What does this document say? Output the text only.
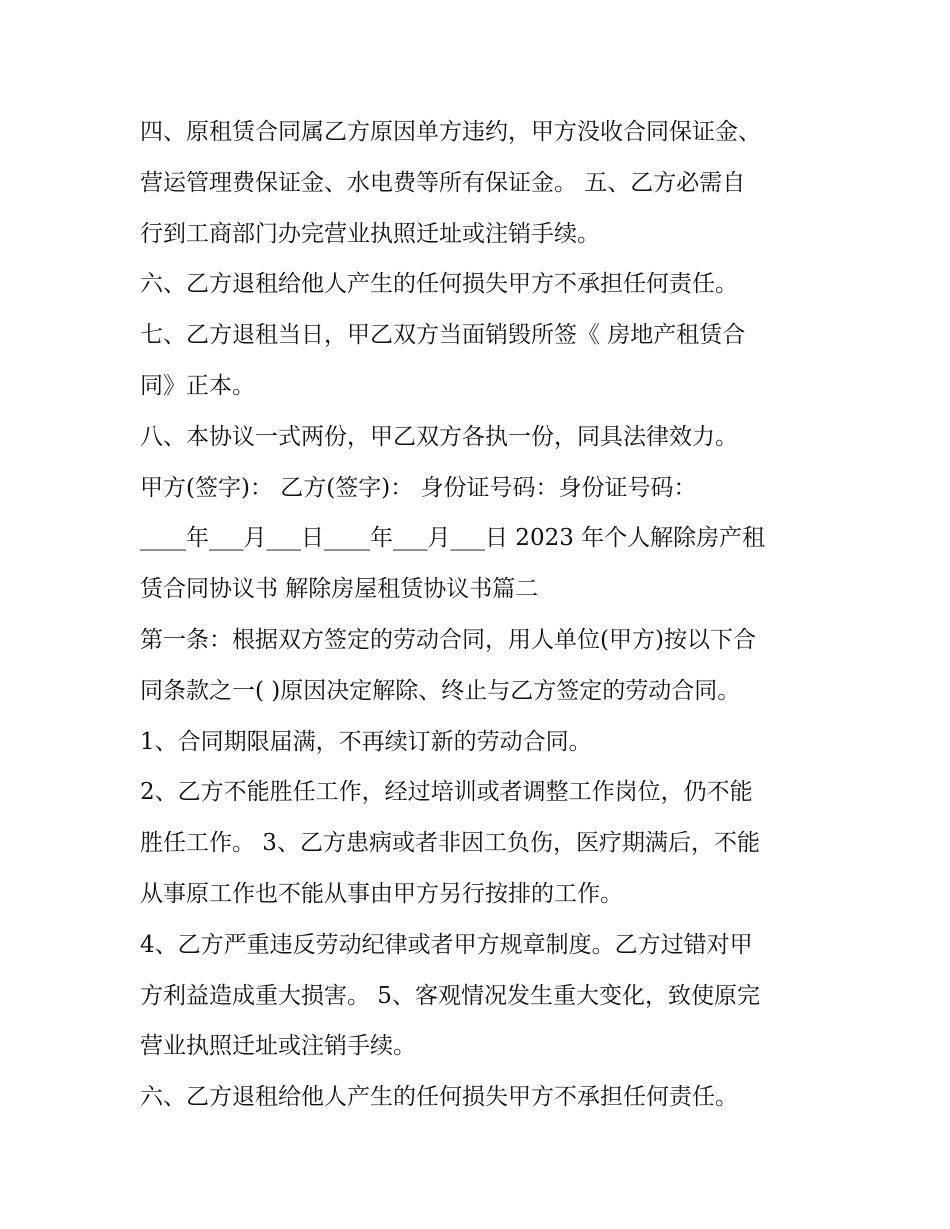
四、原租赁合同属乙方原因单方违约，甲方没收合同保证金、

营运管理费保证金、水电费等所有保证金。 五、乙方必需自

行到工商部门办完营业执照迁址或注销手续。

六、乙方退租给他人产生的任何损失甲方不承担任何责任。

七、乙方退租当日，甲乙双方当面销毁所签《 房地产租赁合

同》正本。

八、本协议一式两份，甲乙双方各执一份，同具法律效力。

甲方(签字)： 乙方(签字)： 身份证号码：身份证号码：

____年___月___日____年___月___日 2023 年个人解除房产租

赁合同协议书 解除房屋租赁协议书篇二

第一条：根据双方签定的劳动合同，用人单位(甲方)按以下合

同条款之一( )原因决定解除、终止与乙方签定的劳动合同。

1、合同期限届满，不再续订新的劳动合同。

2、乙方不能胜任工作，经过培训或者调整工作岗位，仍不能

胜任工作。 3、乙方患病或者非因工负伤，医疗期满后，不能

从事原工作也不能从事由甲方另行按排的工作。

4、乙方严重违反劳动纪律或者甲方规章制度。乙方过错对甲

方利益造成重大损害。 5、客观情况发生重大变化，致使原完

营业执照迁址或注销手续。

六、乙方退租给他人产生的任何损失甲方不承担任何责任。
